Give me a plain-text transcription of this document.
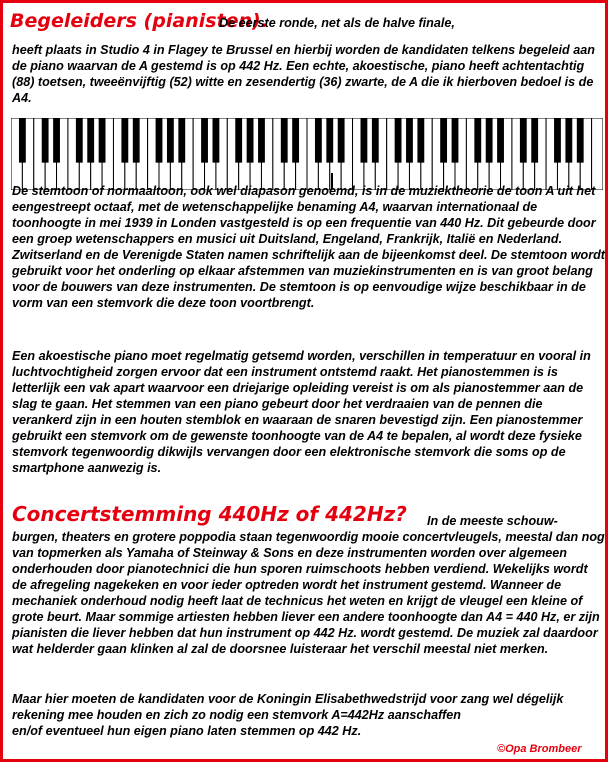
Begeleiders (pianisten).
De eerste ronde, net als de halve finale,
heeft plaats in Studio 4 in Flagey te Brussel en hierbij worden de kandidaten telkens begeleid aan de piano waarvan de A gestemd is op 442 Hz. Een echte, akoestische, piano heeft achtentachtig (88) toetsen, tweeënvijftig (52) witte en zesendertig (36) zwarte, de A die ik hierboven bedoel is de A4.
De stemtoon of normaaltoon, ook wel diapason genoemd, is in de muziektheorie de toon A uit het eengestreept octaaf, met de wetenschappelijke benaming A4, waarvan internationaal de toonhoogte in mei 1939 in Londen vastgesteld is op een frequentie van 440 Hz. Dit gebeurde door een groep wetenschappers en musici uit Duitsland, Engeland, Frankrijk, Italië en Nederland. Zwitserland en de Verenigde Staten namen schriftelijk aan de bijeenkomst deel. De stemtoon wordt gebruikt voor het onderling op elkaar afstemmen van muziekinstrumenten en is van groot belang voor de bouwers van deze instrumenten. De stemtoon is op eenvoudige wijze beschikbaar in de vorm van een stemvork die deze toon voortbrengt.
Een akoestische piano moet regelmatig getsemd worden, verschillen in temperatuur en vooral in luchtvochtigheid zorgen ervoor dat een instrument ontstemd raakt. Het pianostemmen is is letterlijk een vak apart waarvoor een driejarige opleiding vereist is om als pianostemmer aan de slag te gaan. Het stemmen van een piano gebeurt door het verdraaien van de pennen die verankerd zijn in een houten stemblok en waaraan de snaren bevestigd zijn. Een pianostemmer gebruikt een stemvork om de gewenste toonhoogte van de A4 te bepalen, al wordt deze fysieke stemvork tegenwoordig dikwijls vervangen door een elektronische stemvork die soms op de smartphone aanwezig is.
Concertstemming 440Hz of 442Hz? In de meeste schouw-
burgen, theaters en grotere poppodia staan tegenwoordig mooie concertvleugels, meestal dan nog van topmerken als Yamaha of Steinway & Sons en deze instrumenten worden over algemeen onderhouden door pianotechnici die hun sporen ruimschoots hebben verdiend. Wekelijks wordt de afregeling nagekeken en voor ieder optreden wordt het instrument gestemd. Wanneer de mechaniek onderhoud nodig heeft laat de technicus het weten en krijgt de vleugel een kleine of grote beurt. Maar sommige artiesten hebben liever een andere toonhoogte dan A4 = 440 Hz, er zijn pianisten die liever hebben dat hun instrument op 442 Hz. wordt gestemd. De muziek zal daardoor wat helderder gaan klinken al zal de doorsnee luisteraar het verschil meestal niet merken.
Maar hier moeten de kandidaten voor de Koningin Elisabethwedstrijd voor zang wel dégelijk rekening mee houden en zich zo nodig een stemvork A=442Hz aanschaffen
en/of eventueel hun eigen piano laten stemmen op 442 Hz.
©Opa Brombeer
